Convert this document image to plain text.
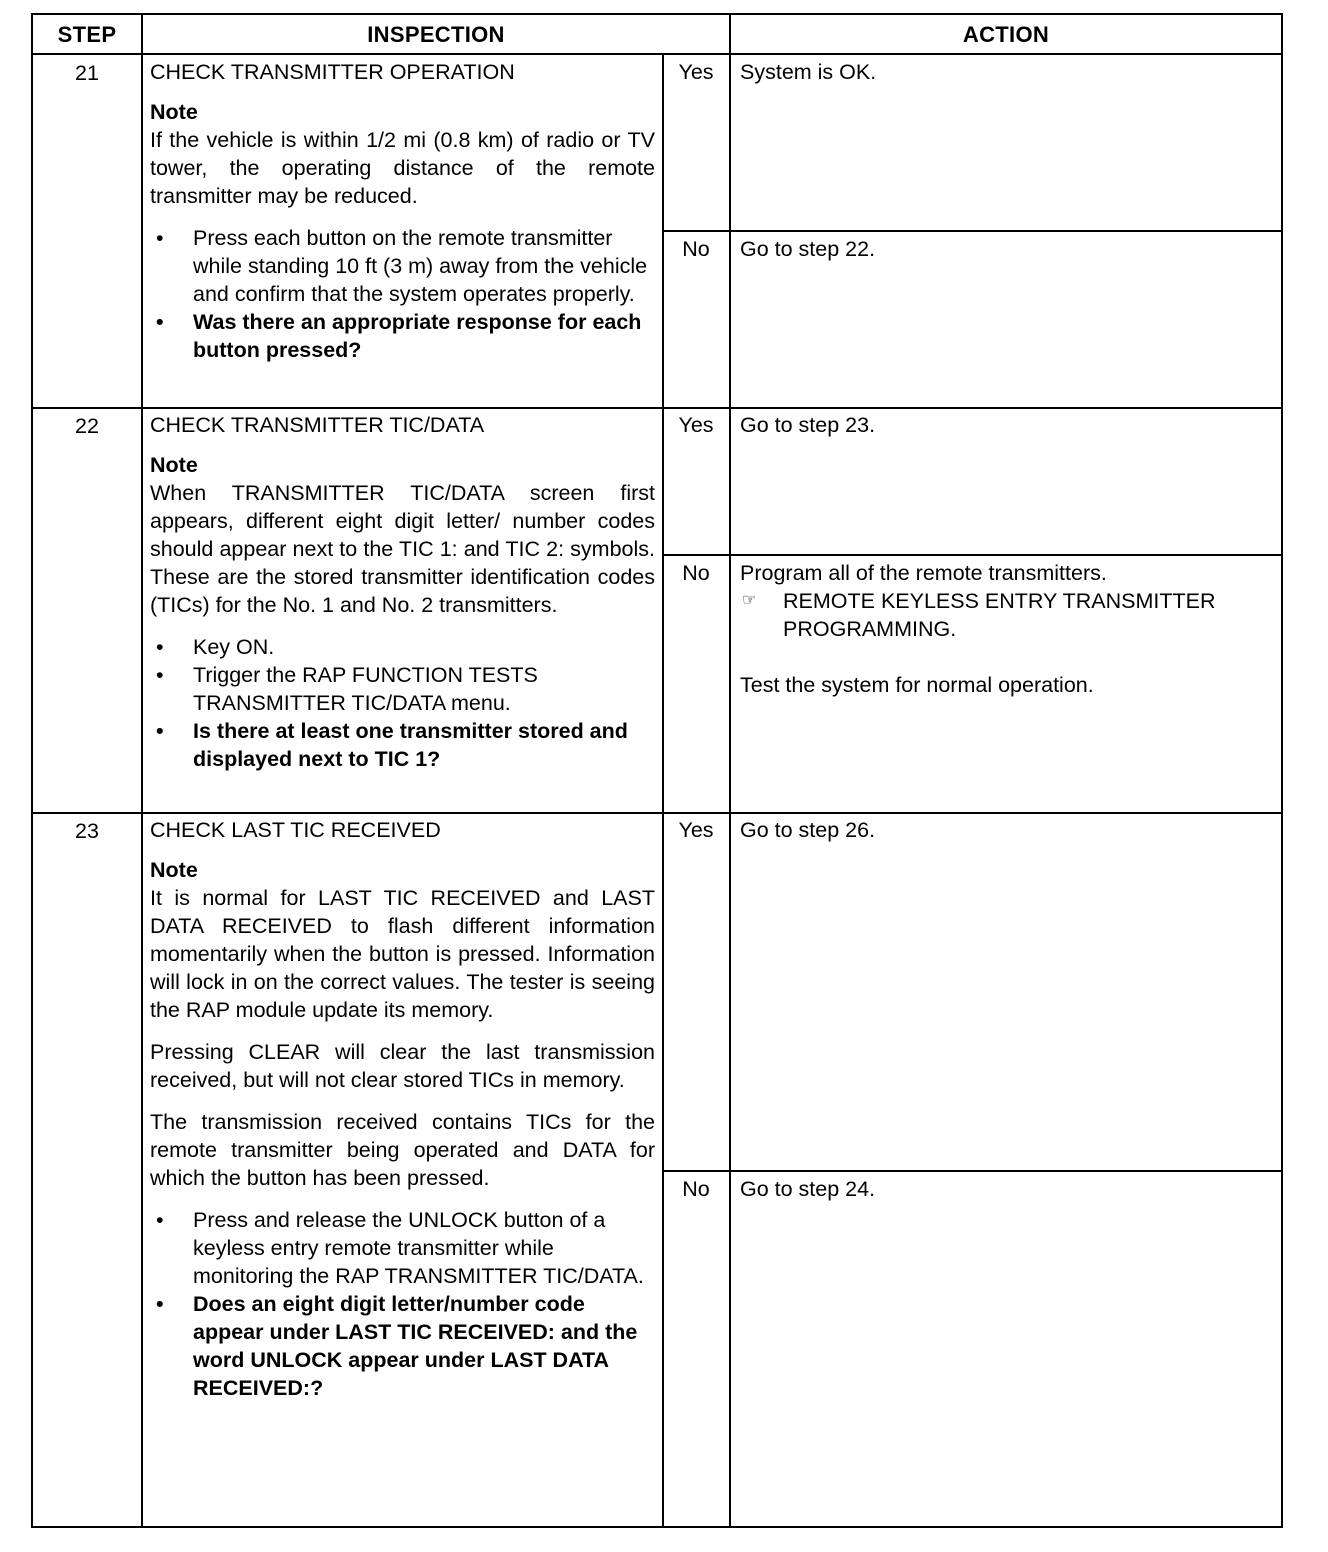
STEP	INSPECTION	ACTION
21	CHECK TRANSMITTER OPERATION

Note
If the vehicle is within 1/2 mi (0.8 km) of radio or TV tower, the operating distance of the remote transmitter may be reduced.

• Press each button on the remote transmitter while standing 10 ft (3 m) away from the vehicle and confirm that the system operates properly.
• Was there an appropriate response for each button pressed?
Yes	System is OK.
No	Go to step 22.
22	CHECK TRANSMITTER TIC/DATA

Note
When TRANSMITTER TIC/DATA screen first appears, different eight digit letter/ number codes should appear next to the TIC 1: and TIC 2: symbols. These are the stored transmitter identification codes (TICs) for the No. 1 and No. 2 transmitters.

• Key ON.
• Trigger the RAP FUNCTION TESTS TRANSMITTER TIC/DATA menu.
• Is there at least one transmitter stored and displayed next to TIC 1?
Yes	Go to step 23.
No	Program all of the remote transmitters.

☞ REMOTE KEYLESS ENTRY TRANSMITTER PROGRAMMING.

Test the system for normal operation.

23	CHECK LAST TIC RECEIVED

Note
It is normal for LAST TIC RECEIVED and LAST DATA RECEIVED to flash different information momentarily when the button is pressed. Information will lock in on the correct values. The tester is seeing the RAP module update its memory.

Pressing CLEAR will clear the last transmission received, but will not clear stored TICs in memory.

The transmission received contains TICs for the remote transmitter being operated and DATA for which the button has been pressed.

• Press and release the UNLOCK button of a keyless entry remote transmitter while monitoring the RAP TRANSMITTER TIC/DATA.
• Does an eight digit letter/number code appear under LAST TIC RECEIVED: and the word UNLOCK appear under LAST DATA RECEIVED:?
Yes	Go to step 26.
No	Go to step 24.
